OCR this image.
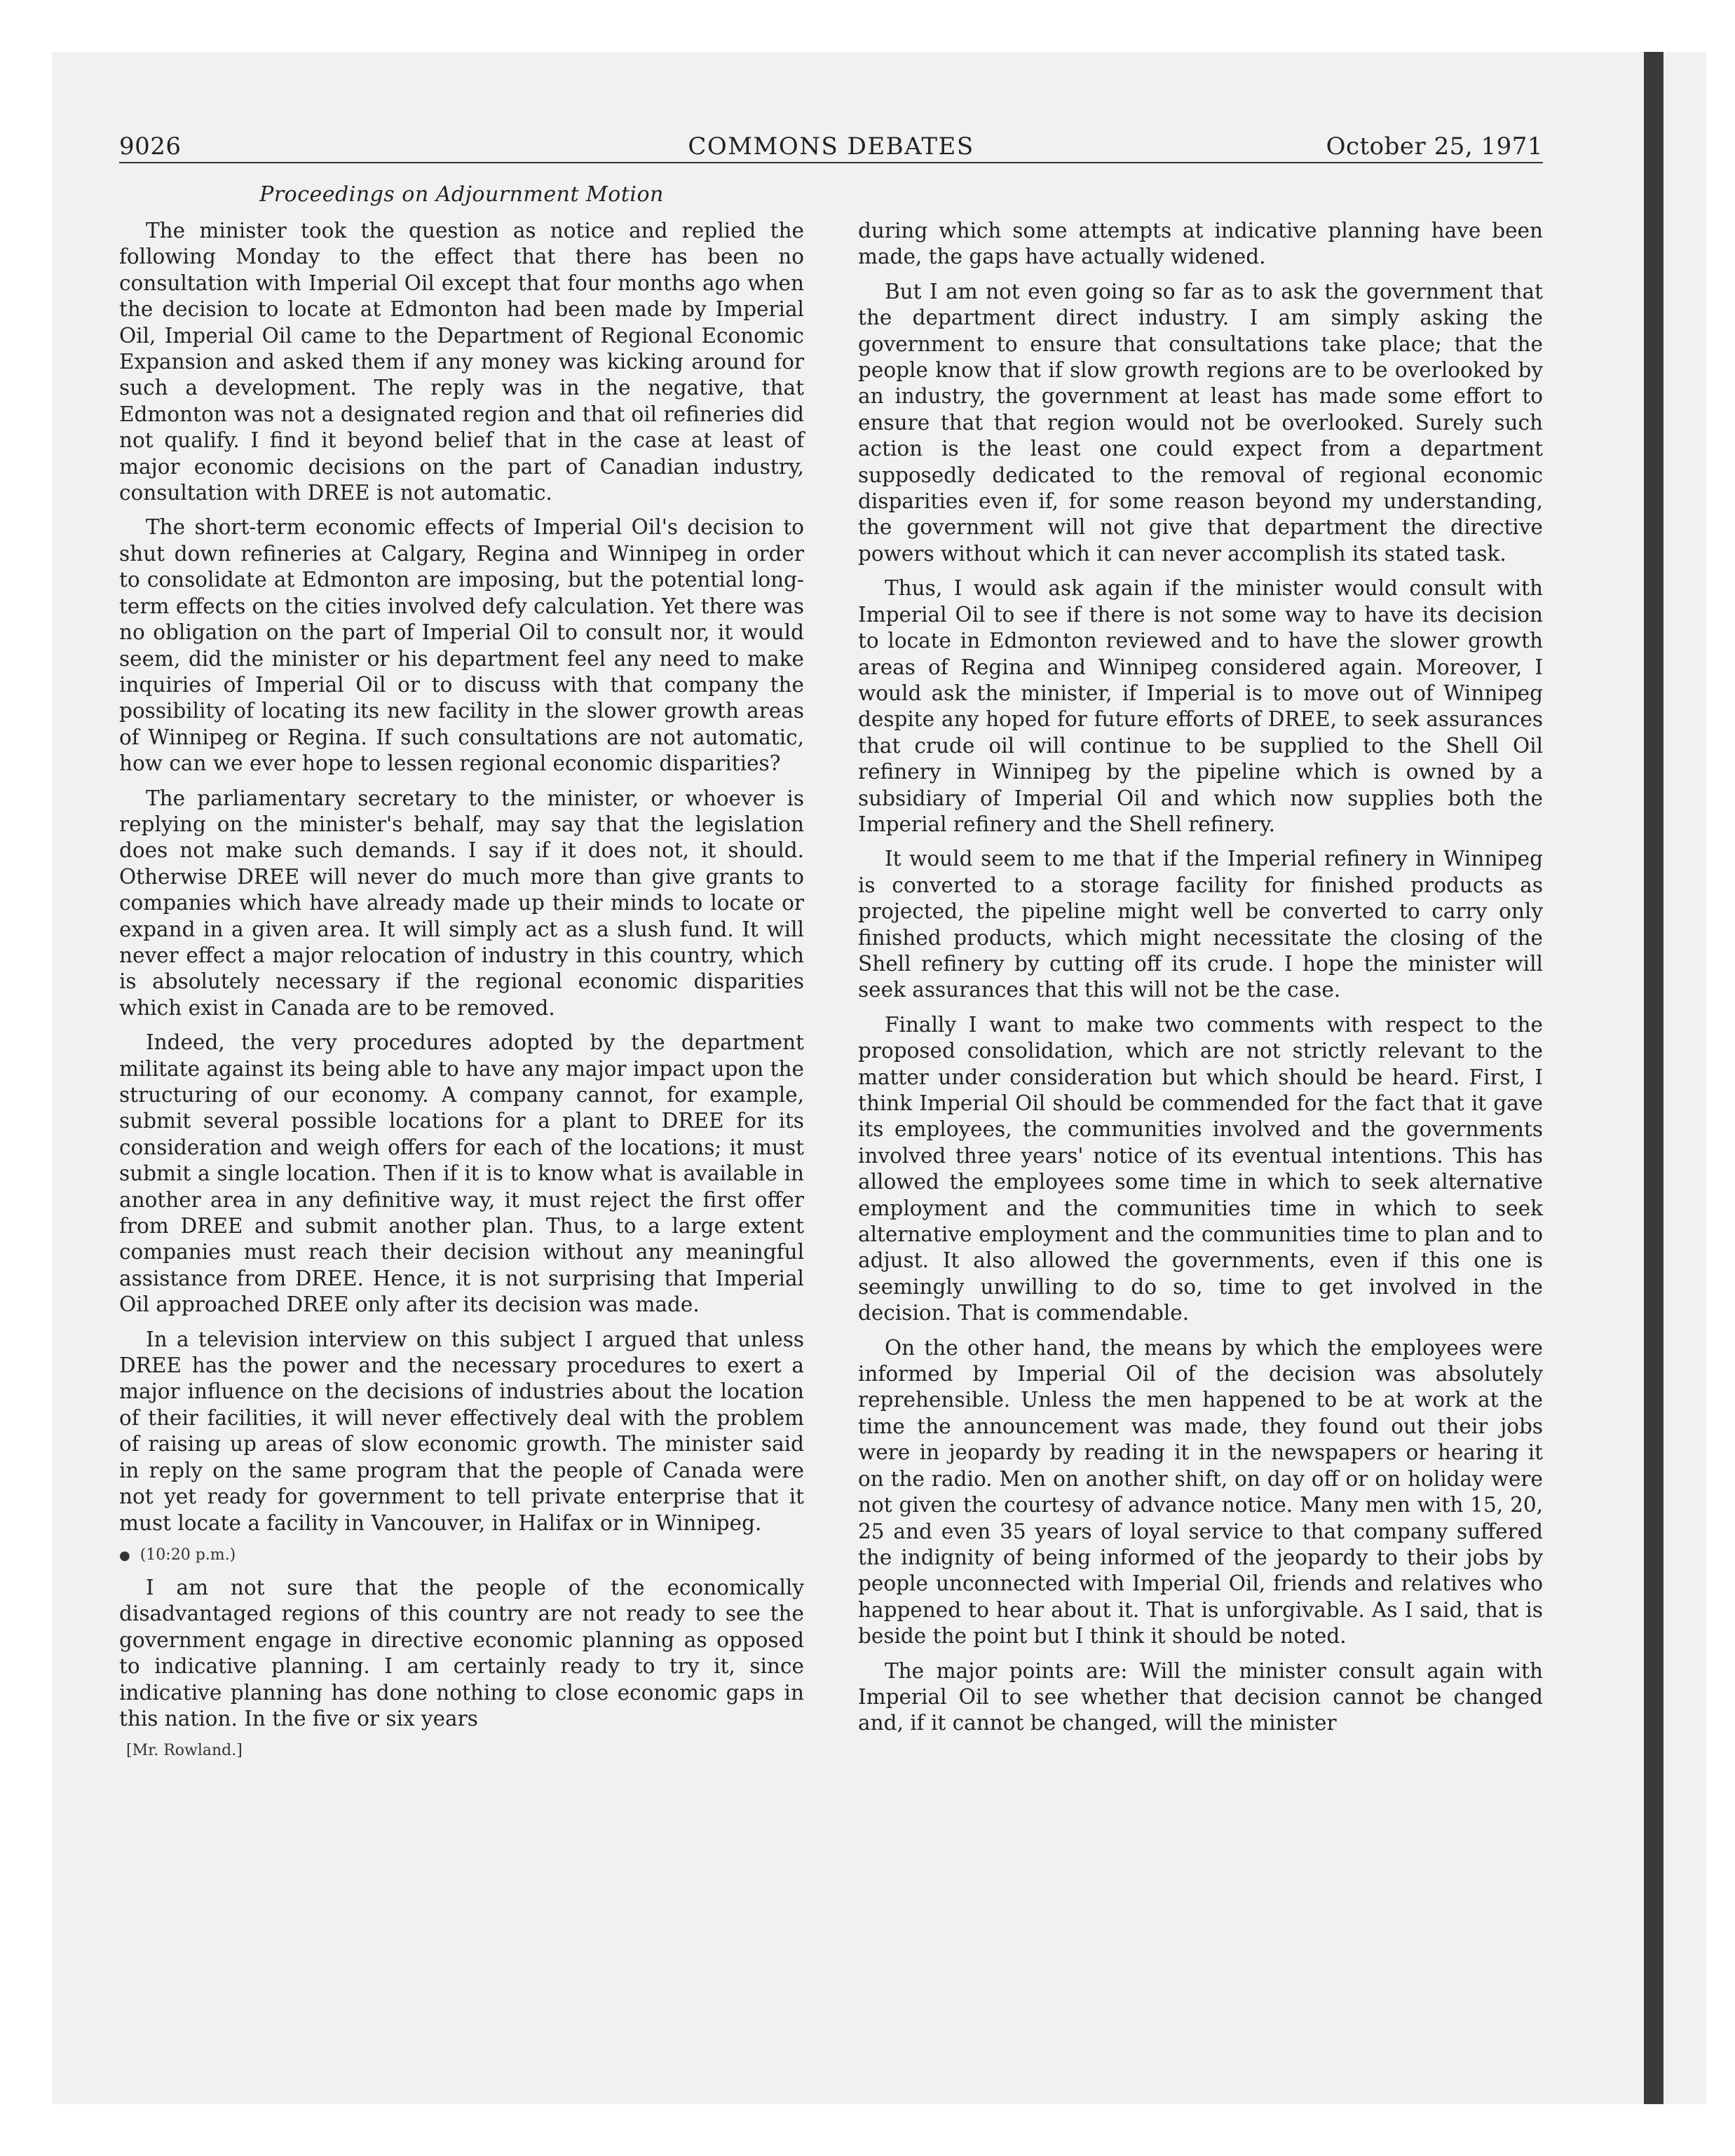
9026	COMMONS DEBATES	October 25, 1971
Proceedings on Adjournment Motion

The minister took the question as notice and replied the following Monday to the effect that there has been no consultation with Imperial Oil except that four months ago when the decision to locate at Edmonton had been made by Imperial Oil, Imperial Oil came to the Department of Regional Economic Expansion and asked them if any money was kicking around for such a development. The reply was in the negative, that Edmonton was not a designated region and that oil refineries did not qualify. I find it beyond belief that in the case at least of major economic decisions on the part of Canadian industry, consultation with DREE is not automatic.

The short-term economic effects of Imperial Oil's decision to shut down refineries at Calgary, Regina and Winnipeg in order to consolidate at Edmonton are imposing, but the potential long-term effects on the cities involved defy calculation. Yet there was no obligation on the part of Imperial Oil to consult nor, it would seem, did the minister or his department feel any need to make inquiries of Imperial Oil or to discuss with that company the possibility of locating its new facility in the slower growth areas of Winnipeg or Regina. If such consultations are not automatic, how can we ever hope to lessen regional economic disparities?

The parliamentary secretary to the minister, or whoever is replying on the minister's behalf, may say that the legislation does not make such demands. I say if it does not, it should. Otherwise DREE will never do much more than give grants to companies which have already made up their minds to locate or expand in a given area. It will simply act as a slush fund. It will never effect a major relocation of industry in this country, which is absolutely necessary if the regional economic disparities which exist in Canada are to be removed.

Indeed, the very procedures adopted by the department militate against its being able to have any major impact upon the structuring of our economy. A company cannot, for example, submit several possible locations for a plant to DREE for its consideration and weigh offers for each of the locations; it must submit a single location. Then if it is to know what is available in another area in any definitive way, it must reject the first offer from DREE and submit another plan. Thus, to a large extent companies must reach their decision without any meaningful assistance from DREE. Hence, it is not surprising that Imperial Oil approached DREE only after its decision was made.

In a television interview on this subject I argued that unless DREE has the power and the necessary procedures to exert a major influence on the decisions of industries about the location of their facilities, it will never effectively deal with the problem of raising up areas of slow economic growth. The minister said in reply on the same program that the people of Canada were not yet ready for government to tell private enterprise that it must locate a facility in Vancouver, in Halifax or in Winnipeg.

● (10:20 p.m.)

I am not sure that the people of the economically disadvantaged regions of this country are not ready to see the government engage in directive economic planning as opposed to indicative planning. I am certainly ready to try it, since indicative planning has done nothing to close economic gaps in this nation. In the five or six years

[Mr. Rowland.]

during which some attempts at indicative planning have been made, the gaps have actually widened.

But I am not even going so far as to ask the government that the department direct industry. I am simply asking the government to ensure that consultations take place; that the people know that if slow growth regions are to be overlooked by an industry, the government at least has made some effort to ensure that that region would not be overlooked. Surely such action is the least one could expect from a department supposedly dedicated to the removal of regional economic disparities even if, for some reason beyond my understanding, the government will not give that department the directive powers without which it can never accomplish its stated task.

Thus, I would ask again if the minister would consult with Imperial Oil to see if there is not some way to have its decision to locate in Edmonton reviewed and to have the slower growth areas of Regina and Winnipeg considered again. Moreover, I would ask the minister, if Imperial is to move out of Winnipeg despite any hoped for future efforts of DREE, to seek assurances that crude oil will continue to be supplied to the Shell Oil refinery in Winnipeg by the pipeline which is owned by a subsidiary of Imperial Oil and which now supplies both the Imperial refinery and the Shell refinery.

It would seem to me that if the Imperial refinery in Winnipeg is converted to a storage facility for finished products as projected, the pipeline might well be converted to carry only finished products, which might necessitate the closing of the Shell refinery by cutting off its crude. I hope the minister will seek assurances that this will not be the case.

Finally I want to make two comments with respect to the proposed consolidation, which are not strictly relevant to the matter under consideration but which should be heard. First, I think Imperial Oil should be commended for the fact that it gave its employees, the communities involved and the governments involved three years' notice of its eventual intentions. This has allowed the employees some time in which to seek alternative employment and the communities time in which to seek alternative employment and the communities time to plan and to adjust. It also allowed the governments, even if this one is seemingly unwilling to do so, time to get involved in the decision. That is commendable.

On the other hand, the means by which the employees were informed by Imperial Oil of the decision was absolutely reprehensible. Unless the men happened to be at work at the time the announcement was made, they found out their jobs were in jeopardy by reading it in the newspapers or hearing it on the radio. Men on another shift, on day off or on holiday were not given the courtesy of advance notice. Many men with 15, 20, 25 and even 35 years of loyal service to that company suffered the indignity of being informed of the jeopardy to their jobs by people unconnected with Imperial Oil, friends and relatives who happened to hear about it. That is unforgivable. As I said, that is beside the point but I think it should be noted.

The major points are: Will the minister consult again with Imperial Oil to see whether that decision cannot be changed and, if it cannot be changed, will the minister
